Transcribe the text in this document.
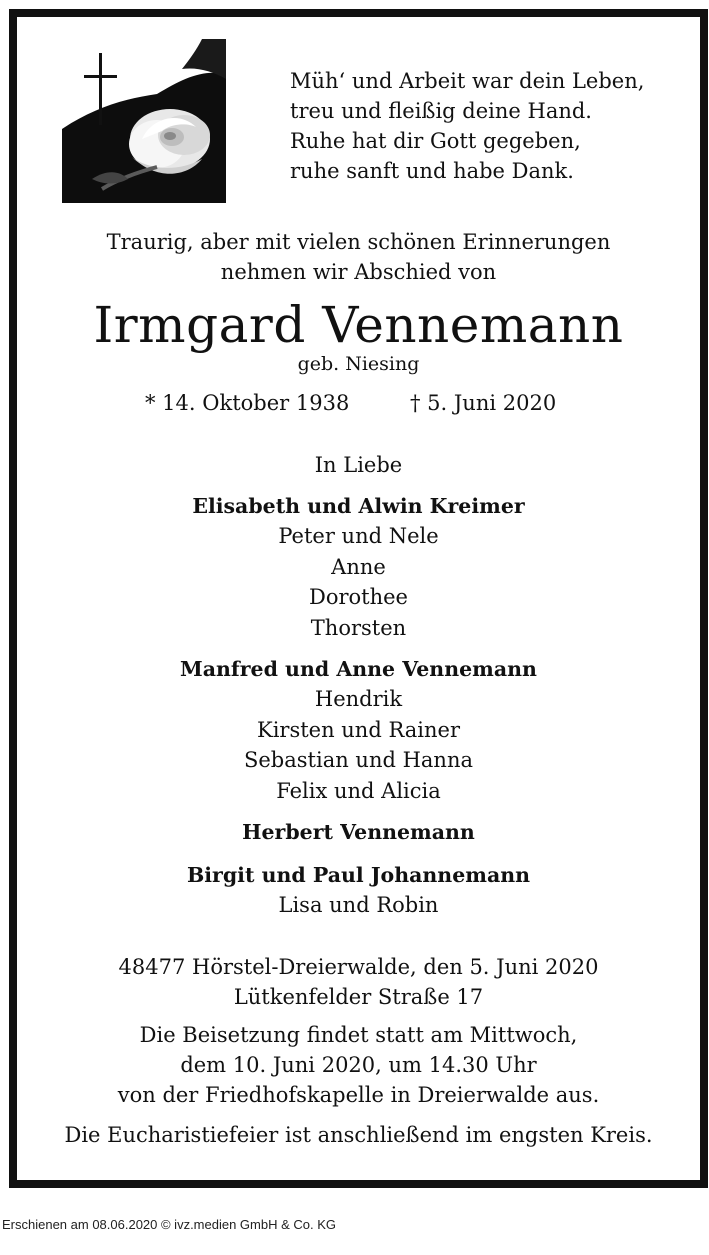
Müh‘ und Arbeit war dein Leben,
treu und fleißig deine Hand.
Ruhe hat dir Gott gegeben,
ruhe sanft und habe Dank.
Traurig, aber mit vielen schönen Erinnerungen
nehmen wir Abschied von
Irmgard Vennemann
geb. Niesing
* 14. Oktober 1938	† 5. Juni 2020
In Liebe
Elisabeth und Alwin Kreimer
Peter und Nele
Anne
Dorothee
Thorsten
Manfred und Anne Vennemann
Hendrik
Kirsten und Rainer
Sebastian und Hanna
Felix und Alicia
Herbert Vennemann
Birgit und Paul Johannemann
Lisa und Robin
48477 Hörstel-Dreierwalde, den 5. Juni 2020
Lütkenfelder Straße 17
Die Beisetzung findet statt am Mittwoch,
dem 10. Juni 2020, um 14.30 Uhr
von der Friedhofskapelle in Dreierwalde aus.
Die Eucharistiefeier ist anschließend im engsten Kreis.
Erschienen am 08.06.2020 © ivz.medien GmbH & Co. KG
